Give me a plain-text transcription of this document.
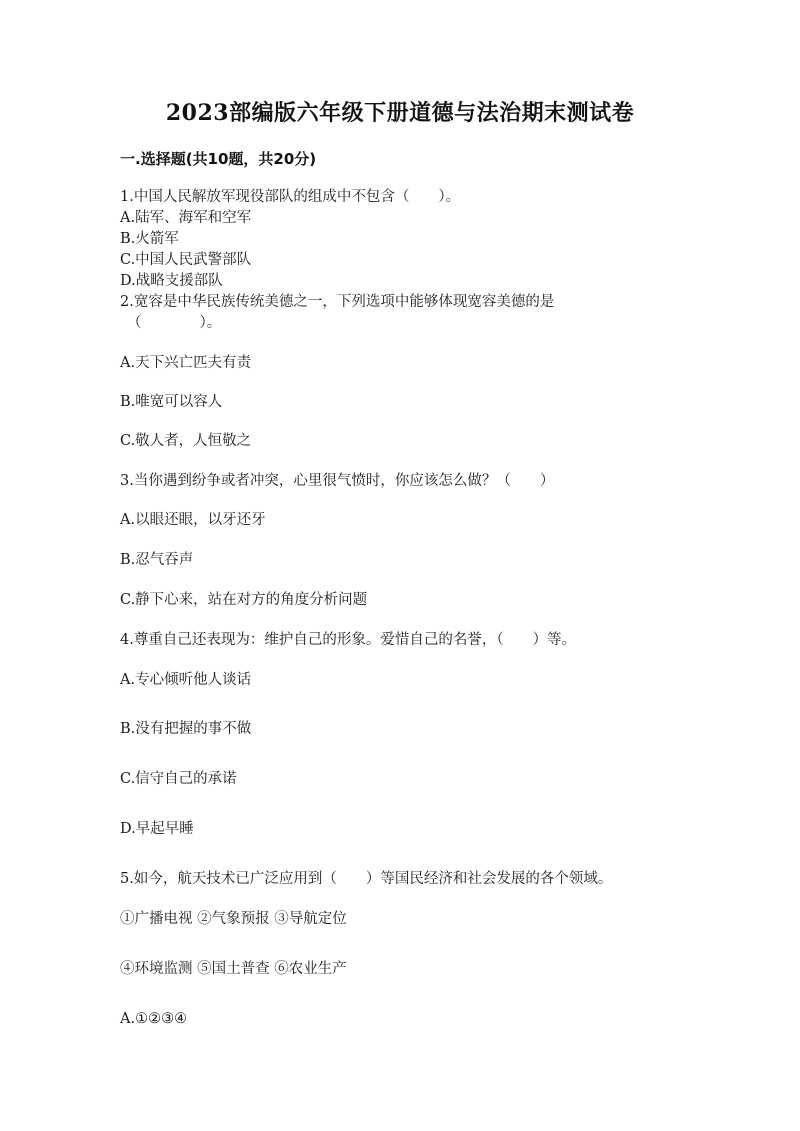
2023部编版六年级下册道德与法治期末测试卷
一.选择题(共10题，共20分)
1.中国人民解放军现役部队的组成中不包含（　　）。
A.陆军、海军和空军
B.火箭军
C.中国人民武警部队
D.战略支援部队
2.宽容是中华民族传统美德之一，下列选项中能够体现宽容美德的是
（　　　　）。
A.天下兴亡匹夫有责
B.唯宽可以容人
C.敬人者，人恒敬之
3.当你遇到纷争或者冲突，心里很气愤时，你应该怎么做？（　　）
A.以眼还眼，以牙还牙
B.忍气吞声
C.静下心来，站在对方的角度分析问题
4.尊重自己还表现为：维护自己的形象。爱惜自己的名誉，（　　）等。
A.专心倾听他人谈话
B.没有把握的事不做
C.信守自己的承诺
D.早起早睡
5.如今，航天技术已广泛应用到（　　）等国民经济和社会发展的各个领域。
①广播电视 ②气象预报 ③导航定位
④环境监测 ⑤国土普查 ⑥农业生产
A.①②③④
